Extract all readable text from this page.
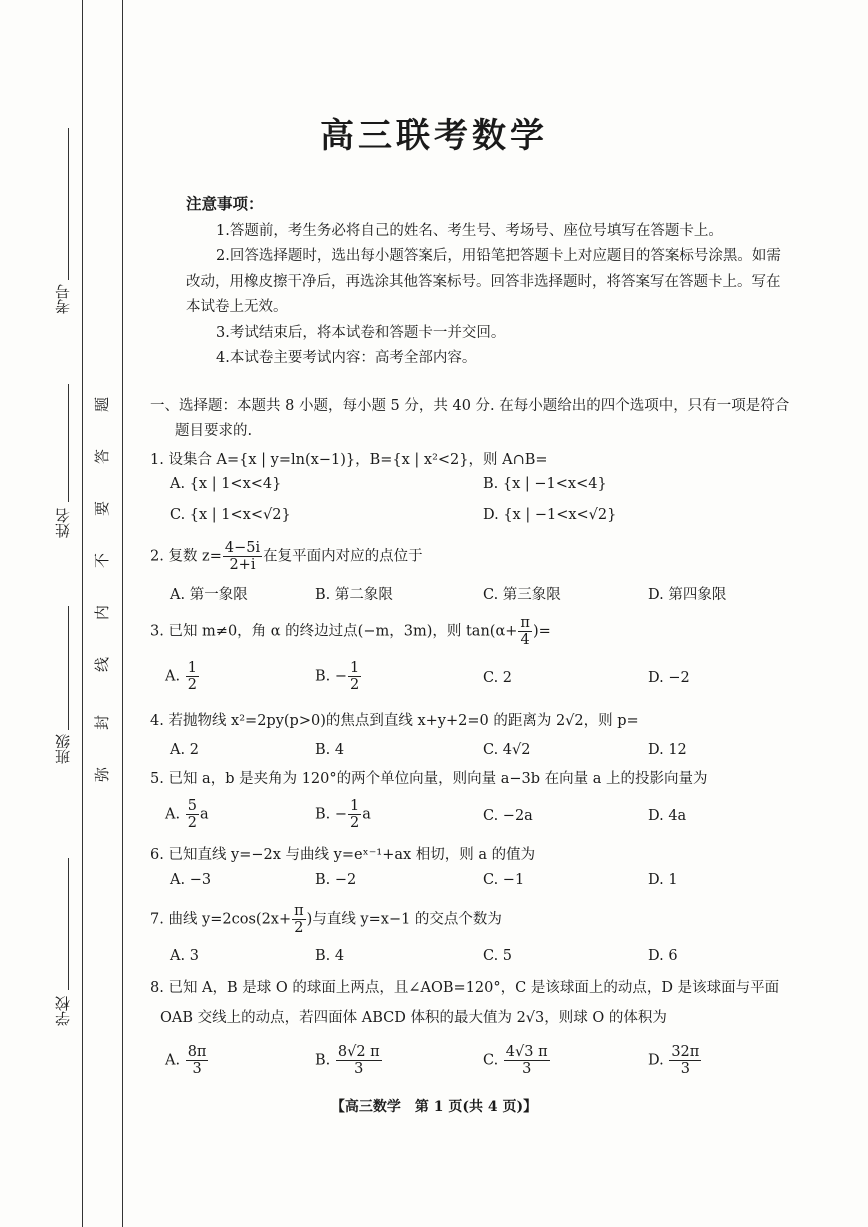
考号
姓名
班级
学校
题
答
要
不
内
线
封
弥
高三联考数学
注意事项：
1.答题前，考生务必将自己的姓名、考生号、考场号、座位号填写在答题卡上。
2.回答选择题时，选出每小题答案后，用铅笔把答题卡上对应题目的答案标号涂黑。如需改动，用橡皮擦干净后，再选涂其他答案标号。回答非选择题时，将答案写在答题卡上。写在本试卷上无效。
3.考试结束后，将本试卷和答题卡一并交回。
4.本试卷主要考试内容：高考全部内容。
一、选择题：本题共 8 小题，每小题 5 分，共 40 分. 在每小题给出的四个选项中，只有一项是符合
题目要求的.
1. 设集合 A={x | y=ln(x−1)}，B={x | x²<2}，则 A∩B=
A. {x | 1<x<4}	B. {x | −1<x<4}
C. {x | 1<x<√2}	D. {x | −1<x<√2}
2. 复数 $z= \frac{4-5i}{2+i}$ 在复平面内对应的点位于
A. 第一象限	B. 第二象限	C. 第三象限	D. 第四象限
3. 已知 m≠0，角 α 的终边过点(−m，3m)，则 $\tan(\alpha+ \frac{\pi}{4}$ )=
A. $\frac{1}{2}$	B. − $\frac{1}{2}$	C. 2	D. −2
4. 若抛物线 x²=2py(p>0)的焦点到直线 x+y+2=0 的距离为 2√2，则 p=
A. 2	B. 4	C. 4√2	D. 12
5. 已知 a，b 是夹角为 120°的两个单位向量，则向量 a−3b 在向量 a 上的投影向量为
A. $\frac{5}{2}$ a	B. − $\frac{1}{2}$ a	C. −2a	D. 4a
6. 已知直线 y=−2x 与曲线 y=eˣ⁻¹+ax 相切，则 a 的值为
A. −3	B. −2	C. −1	D. 1
7. 曲线 $y=2\cos(2x+ \frac{\pi}{2}$ )与直线 y=x−1 的交点个数为
A. 3	B. 4	C. 5	D. 6
8. 已知 A，B 是球 O 的球面上两点，且∠AOB=120°，C 是该球面上的动点，D 是该球面与平面
OAB 交线上的动点，若四面体 ABCD 体积的最大值为 2√3，则球 O 的体积为
A. $\frac{8\pi}{3}$	B. $\frac{8√2 \pi}{3}$	C. $\frac{4√3 \pi}{3}$	D. $\frac{32\pi}{3}$
【高三数学　第 1 页(共 4 页)】
